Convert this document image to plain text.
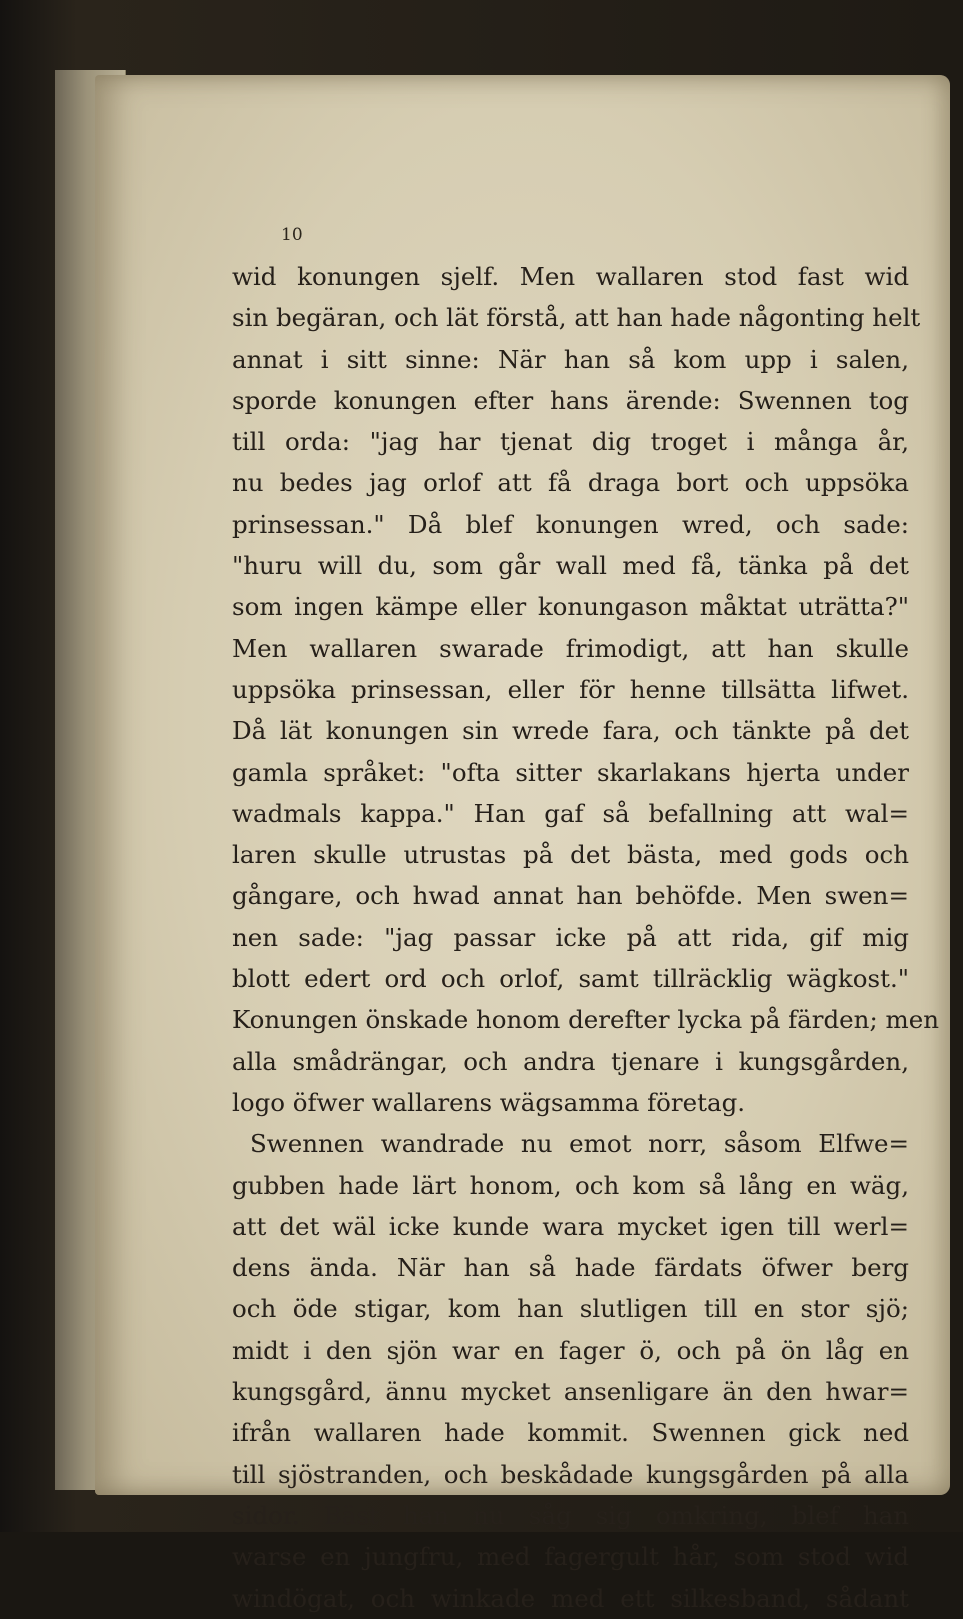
10
wid konungen sjelf. Men wallaren stod fast wid
sin begäran, och lät förstå, att han hade någonting helt
annat i sitt sinne: När han så kom upp i salen,
sporde konungen efter hans ärende: Swennen tog
till orda: "jag har tjenat dig troget i många år,
nu bedes jag orlof att få draga bort och uppsöka
prinsessan." Då blef konungen wred, och sade:
"huru will du, som går wall med få, tänka på det
som ingen kämpe eller konungason måktat uträtta?"
Men wallaren swarade frimodigt, att han skulle
uppsöka prinsessan, eller för henne tillsätta lifwet.
Då lät konungen sin wrede fara, och tänkte på det
gamla språket: "ofta sitter skarlakans hjerta under
wadmals kappa." Han gaf så befallning att wal=
laren skulle utrustas på det bästa, med gods och
gångare, och hwad annat han behöfde. Men swen=
nen sade: "jag passar icke på att rida, gif mig
blott edert ord och orlof, samt tillräcklig wägkost."
Konungen önskade honom derefter lycka på färden; men
alla smådrängar, och andra tjenare i kungsgården,
logo öfwer wallarens wägsamma företag.
Swennen wandrade nu emot norr, såsom Elfwe=
gubben hade lärt honom, och kom så lång en wäg,
att det wäl icke kunde wara mycket igen till werl=
dens ända. När han så hade färdats öfwer berg
och öde stigar, kom han slutligen till en stor sjö;
midt i den sjön war en fager ö, och på ön låg en
kungsgård, ännu mycket ansenligare än den hwar=
ifrån wallaren hade kommit. Swennen gick ned
till sjöstranden, och beskådade kungsgården på alla
sidor. Bäst han nu såg sig omkring, blef han
warse en jungfru, med fagergult hår, som stod wid
windögat, och winkade med ett silkesband, sådant
